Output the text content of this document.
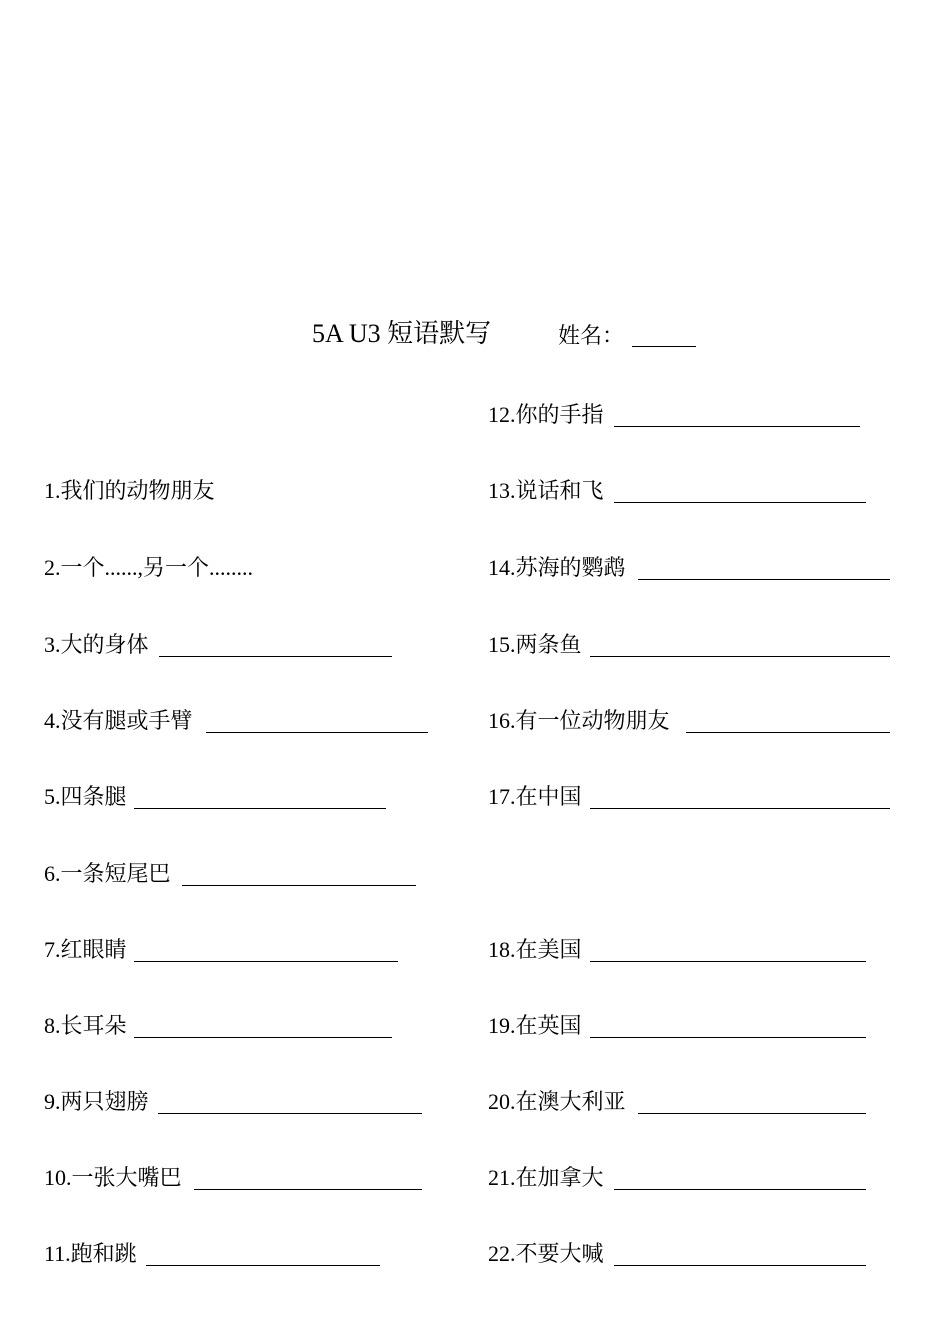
5A U3 短语默写	姓名：
1.我们的动物朋友
2.一个......,另一个........
3.大的身体
4.没有腿或手臂
5.四条腿
6.一条短尾巴
7.红眼睛
8.长耳朵
9.两只翅膀
10.一张大嘴巴
11.跑和跳
12.你的手指
13.说话和飞
14.苏海的鹦鹉
15.两条鱼
16.有一位动物朋友
17.在中国
18.在美国
19.在英国
20.在澳大利亚
21.在加拿大
22.不要大喊
